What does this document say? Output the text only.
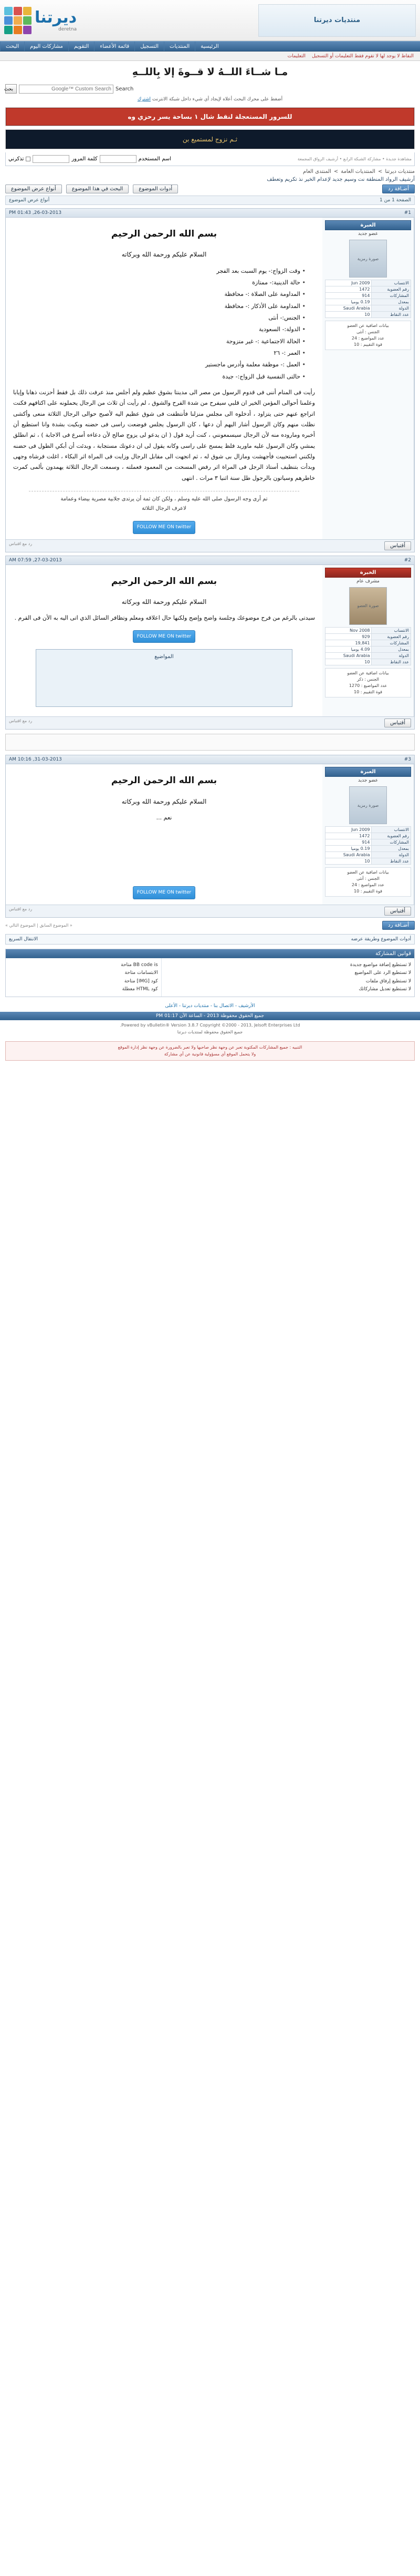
منتديات ديرتنا
ديرتنا
deretna
الرئيسية
المنتديات
التسجيل
قائمة الأعضاء
التقويم
مشاركات اليوم
البحث
النقاط لا يوجد لها لا تقوم فقط التعليمات أو التسجيل
التعليمات
مـا شــاءَ اللــهُ لا قــوةَ إلا بِاللــهِ
Search
Google™ Custom Search
بحث
أضغط على محرك البحث أعلاه لإيجاد أي شيء داخل شبكة الانترنت اشترك
للسرور المستعجلة لنقط شال ١ بساحة يسر رحزي وه
ثـم نزوج لمستميع بن
مشاهدة جديدة • مشاركة الشبكة الرابع • أرشيف الرواق المجمعة
اسم المستخدم
كلمة المرور
تذكرني
منتديات ديرتنا
>
المنتديات العامة
>
المنتدى العام
أرشيف الرواد المنطقة نت وسيم جديد لإعدام الخير نذ تكريم وتعطف
أضـافة رد
أدوات الموضوع
البحث في هذا الموضوع
أنواع عرض الموضوع
الصفحة 1 من 1
أنواع عرض الموضوع
#1
26-03-2013, 01:43 PM
العبرة
عضو جديد
صورة رمزية
الانتساب	Jun 2009
رقم العضوية	1472
المشاركات	914
بمعدل	0.19 يوميا
الدولة	Saudi Arabia
عدد النقاط	10
بيانات اضافية عن العضو
الجنس : أنثى
عدد المواضيع : 24
قوة التقييم : 10
بسم الله الرحمن الرحيم
السلام عليكم ورحمة الله وبركاته
• وقت الزواج:- يوم السبت بعد الفجر
• حالة الدينية:- ممتازة
• المداومة على الصلاة :- محافظة
• المداومة على الأذكار :- محافظة
• الجنس:- أنثى
• الدولة:- السعودية
• الحالة الاجتماعية :- غير متزوجة
• العمر :- ٢٦
• العمل :- موظفة معلمة وأدرس ماجستير
• حالتى النفسية قبل الزواج:- جيدة

رأيت فى المنام أننى فى قدوم الرسول من مصر الى مدينتا بشوق عظيم ولم أجلس منذ عرفت ذلك بل فقط أحزنت ذهابا وإيابا وعلمنا أحوالى المؤمن الخير ان قلبي سيفرح من شدة الفرح والشوق ، لم رأيت أن ثلاث من الرجال يحملونه على اكتافهم فكنت اتراجع عنهم حتى يتزاود ، أدخلوه الى مجلس منزلنا فأنتظفت فى شوق عظيم اليه لأصبح حوالى الرجال الثلاثة منعى وأكشى نظلت منهم وكان الرسول أشار اليهم أن دعها ، كان الرسول يجلس فوضعت راسى فى حضنه وبكيت بشدة وانا استطيع أن أخبره وماروده منه لأن الرجال سيسمعونني ، كنت أريد قول ( ان يدعو لى يزوج صالح لأن دعاءه أسرع فى الاجابة ) ، ثم انطلق يمشي وكان الرسول عليه ماوريد فلظ يمسح على راسى وكانه يقول لى ان دعوتك مستجابة ، وبدئت أن أبكي الطول فى حضنه ولكنني استحييت فأجهشت ومازال بى شوق له ، ثم اتجهت الى مقابل الرجال وزايت فى المراة اثر البكاء ، اغلت فرشاه وجهى وبدأت بتنظيف أستاذ الرجل فى المراة اثر رفض المسحت من المعمود فعملته ، وسمعت الرجال الثلاثة يهمدون بألمى كمرت خاطرهم وسياتون بالرجول طل سنة اثنيا ٣ مرات . انتهى

تم أرى وجه الرسول صلى الله عليه وسلم ، ولكن كان ثمة أن يرتدى جلابية مصرية بيضاء وعمامة
لاعرف الرجال الثلاثة
FOLLOW ME ON twitter
أقتباس
رد مع اقتباس
#2
27-03-2013, 07:59 AM
الخبرة
مشرف عام
صورة العضو
الانتساب	Nov 2008
رقم العضوية	929
المشاركات	19,841
بمعدل	4.09 يوميا
الدولة	Saudi Arabia
عدد النقاط	10
بيانات اضافية عن العضو
الجنس : ذكر
عدد المواضيع : 1270
قوة التقييم : 10
بسم الله الرحمن الرحيم
السلام عليكم ورحمة الله وبركاته

سيدتى بالرغم من فرح موضوعك وجلسة واضح وإضح ولكنها حال اعلاقه ومعلم وتظافر السائل الذي اتى اليه به الأن فى القرم .

FOLLOW ME ON twitter
المواضيع
أقتباس
رد مع اقتباس
#3
31-03-2013, 10:16 AM
العبرة
عضو جديد
صورة رمزية
الانتساب	Jun 2009
رقم العضوية	1472
المشاركات	914
بمعدل	0.19 يوميا
الدولة	Saudi Arabia
عدد النقاط	10
بيانات اضافية عن العضو
الجنس : أنثى
عدد المواضيع : 24
قوة التقييم : 10
بسم الله الرحمن الرحيم
السلام عليكم ورحمة الله وبركاته

نعم ...

FOLLOW ME ON twitter
أقتباس
رد مع اقتباس
أضـافة رد
« الموضوع السابق | الموضوع التالي »
أدوات الموضوع وطريقة عرضه
الانتقال السريع
قوانين المشاركة
لا تستطيع إضافة مواضيع جديدة
لا تستطيع الرد على المواضيع
لا تستطيع إرفاق ملفات
لا تستطيع تعديل مشاركاتك
BB code is متاحة
الابتسامات متاحة
كود [IMG] متاحة
كود HTML معطلة
الأرشيف - الاتصال بنا - منتديات ديرتنا - الأعلى
جميع الحقوق محفوظة 2013 - الساعة الآن 01:17 PM
Powered by vBulletin® Version 3.8.7 Copyright ©2000 - 2013, Jelsoft Enterprises Ltd.
جميع الحقوق محفوظة لمنتديات ديرتنا
التنبيه : جميع المشاركات المكتوبة تعبر عن وجهة نظر صاحبها ولا تعبر بالضرورة عن وجهة نظر إدارة الموقع
ولا يتحمل الموقع أي مسؤولية قانونية عن أي مشاركة
